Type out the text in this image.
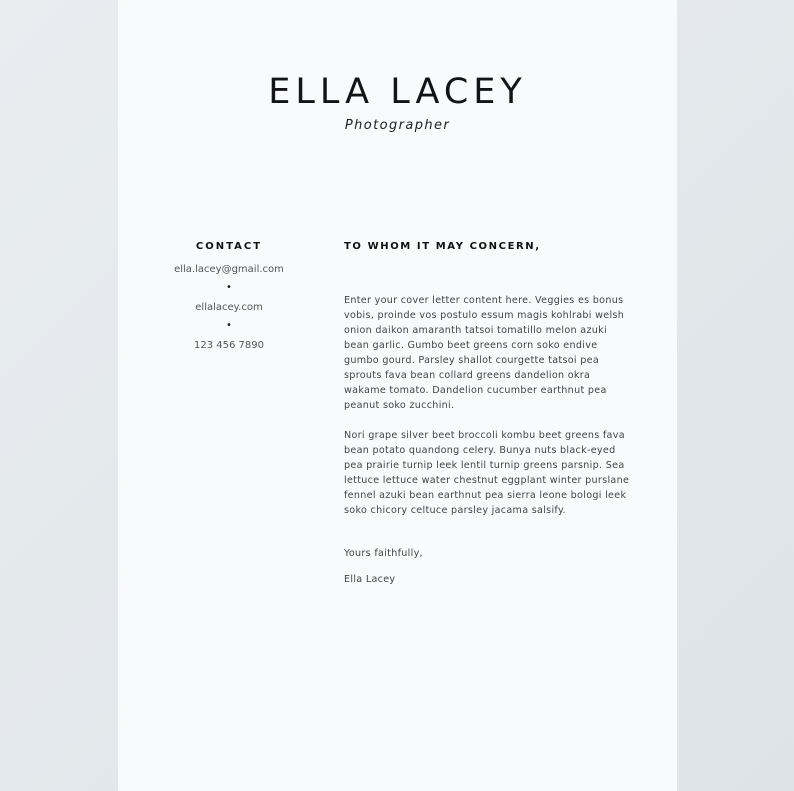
ELLA LACEY
Photographer
CONTACT
ella.lacey@gmail.com
•
ellalacey.com
•
123 456 7890

TO WHOM IT MAY CONCERN,

Enter your cover letter content here. Veggies es bonus vobis, proinde vos postulo essum magis kohlrabi welsh onion daikon amaranth tatsoi tomatillo melon azuki bean garlic. Gumbo beet greens corn soko endive gumbo gourd. Parsley shallot courgette tatsoi pea sprouts fava bean collard greens dandelion okra wakame tomato. Dandelion cucumber earthnut pea peanut soko zucchini.

Nori grape silver beet broccoli kombu beet greens fava bean potato quandong celery. Bunya nuts black-eyed pea prairie turnip leek lentil turnip greens parsnip. Sea lettuce lettuce water chestnut eggplant winter purslane fennel azuki bean earthnut pea sierra leone bologi leek soko chicory celtuce parsley jacama salsify.

Yours faithfully,

Ella Lacey
